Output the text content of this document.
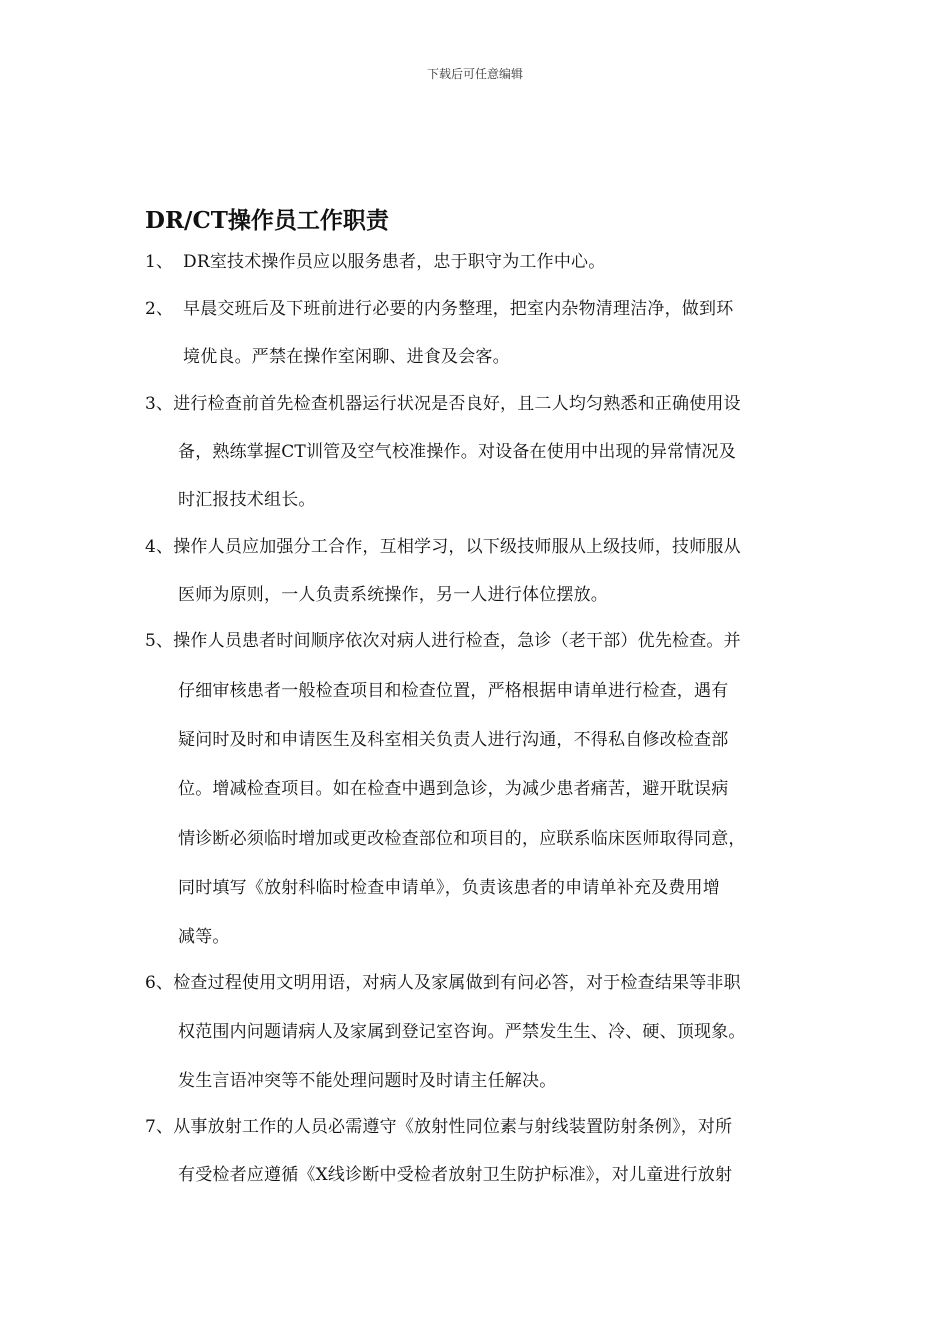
下载后可任意编辑
DR/CT操作员工作职责
1、 DR室技术操作员应以服务患者，忠于职守为工作中心。
2、 早晨交班后及下班前进行必要的内务整理，把室内杂物清理洁净，做到环
境优良。严禁在操作室闲聊、进食及会客。
3、进行检查前首先检查机器运行状况是否良好，且二人均匀熟悉和正确使用设
备，熟练掌握CT训管及空气校准操作。对设备在使用中出现的异常情况及
时汇报技术组长。
4、操作人员应加强分工合作，互相学习，以下级技师服从上级技师，技师服从
医师为原则，一人负责系统操作，另一人进行体位摆放。
5、操作人员患者时间顺序依次对病人进行检查，急诊（老干部）优先检查。并
仔细审核患者一般检查项目和检查位置，严格根据申请单进行检查，遇有
疑问时及时和申请医生及科室相关负责人进行沟通，不得私自修改检查部
位。增减检查项目。如在检查中遇到急诊，为减少患者痛苦，避开耽误病
情诊断必须临时增加或更改检查部位和项目的，应联系临床医师取得同意，
同时填写《放射科临时检查申请单》，负责该患者的申请单补充及费用增
减等。
6、检查过程使用文明用语，对病人及家属做到有问必答，对于检查结果等非职
权范围内问题请病人及家属到登记室咨询。严禁发生生、冷、硬、顶现象。
发生言语冲突等不能处理问题时及时请主任解决。
7、从事放射工作的人员必需遵守《放射性同位素与射线装置防射条例》，对所
有受检者应遵循《X线诊断中受检者放射卫生防护标准》，对儿童进行放射
